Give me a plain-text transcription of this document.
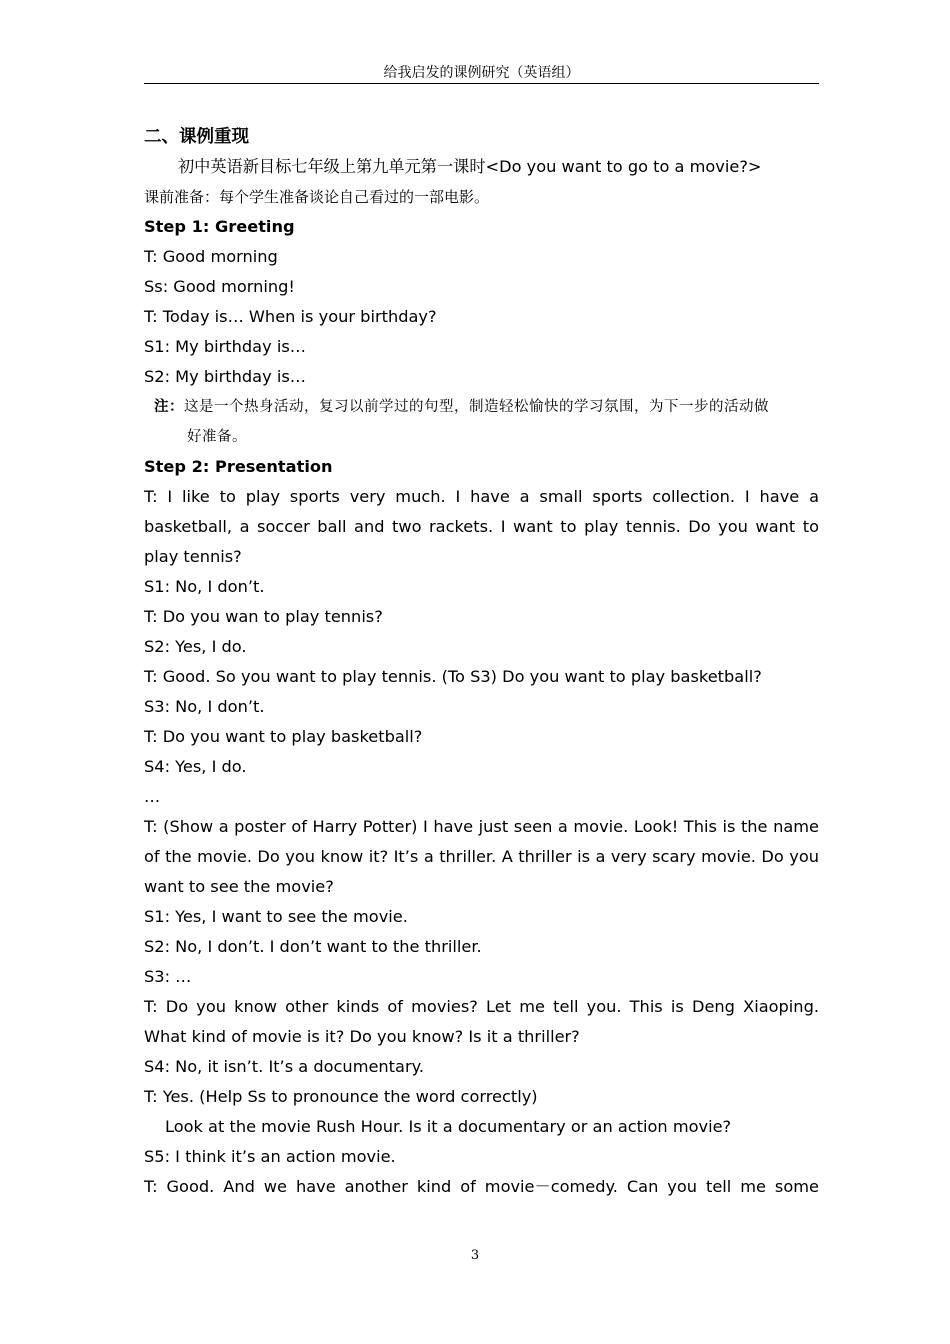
给我启发的课例研究（英语组）
二、课例重现
初中英语新目标七年级上第九单元第一课时<Do you want to go to a movie?>
课前准备：每个学生准备谈论自己看过的一部电影。
Step 1: Greeting
T: Good morning
Ss: Good morning!
T: Today is… When is your birthday?
S1: My birthday is…
S2: My birthday is…
注：这是一个热身活动，复习以前学过的句型，制造轻松愉快的学习氛围，为下一步的活动做
好准备。
Step 2: Presentation
T: I like to play sports very much. I have a small sports collection. I have a basketball, a soccer ball and two rackets. I want to play tennis. Do you want to play tennis?
S1: No, I don’t.
T: Do you wan to play tennis?
S2: Yes, I do.
T: Good. So you want to play tennis. (To S3) Do you want to play basketball?
S3: No, I don’t.
T: Do you want to play basketball?
S4: Yes, I do.
…
T: (Show a poster of Harry Potter) I have just seen a movie. Look! This is the name of the movie. Do you know it? It’s a thriller. A thriller is a very scary movie. Do you want to see the movie?
S1: Yes, I want to see the movie.
S2: No, I don’t. I don’t want to the thriller.
S3: …
T: Do you know other kinds of movies? Let me tell you. This is Deng Xiaoping. What kind of movie is it? Do you know? Is it a thriller?
S4: No, it isn’t. It’s a documentary.
T: Yes. (Help Ss to pronounce the word correctly)
Look at the movie Rush Hour. Is it a documentary or an action movie?
S5: I think it’s an action movie.
T: Good. And we have another kind of movie－comedy. Can you tell me some
3
